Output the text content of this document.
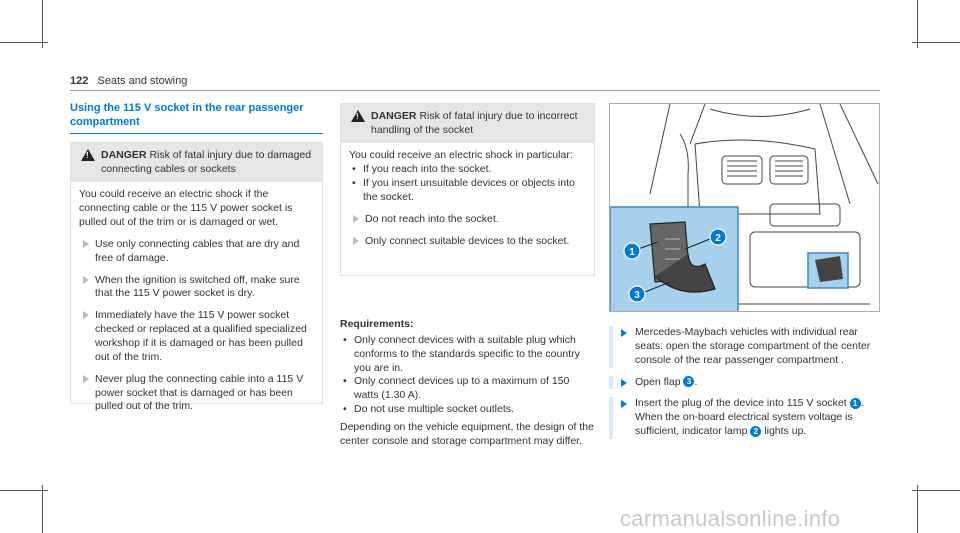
122 Seats and stowing
Using the 115 V socket in the rear passenger compartment
!
DANGER Risk of fatal injury due to damaged connecting cables or sockets
You could receive an electric shock if the connecting cable or the 115 V power socket is pulled out of the trim or is damaged or wet.
Use only connecting cables that are dry and free of damage.
When the ignition is switched off, make sure that the 115 V power socket is dry.
Immediately have the 115 V power socket checked or replaced at a qualified specialized workshop if it is damaged or has been pulled out of the trim.
Never plug the connecting cable into a 115 V power socket that is damaged or has been pulled out of the trim.
!
DANGER Risk of fatal injury due to incorrect handling of the socket
You could receive an electric shock in particular:
• If you reach into the socket.
• If you insert unsuitable devices or objects into the socket.
Do not reach into the socket.
Only connect suitable devices to the socket.
Requirements:
• Only connect devices with a suitable plug which conforms to the standards specific to the country you are in.
• Only connect devices up to a maximum of 150 watts (1.30 A).
• Do not use multiple socket outlets.
Depending on the vehicle equipment, the design of the center console and storage compartment may differ.
1
2
3
Mercedes-Maybach vehicles with individual rear seats: open the storage compartment of the center console of the rear passenger compartment .
Open flap 3 .
Insert the plug of the device into 115 V socket 1 . When the on-board electrical system voltage is sufficient, indicator lamp 2 lights up.
carmanualsonline.info
